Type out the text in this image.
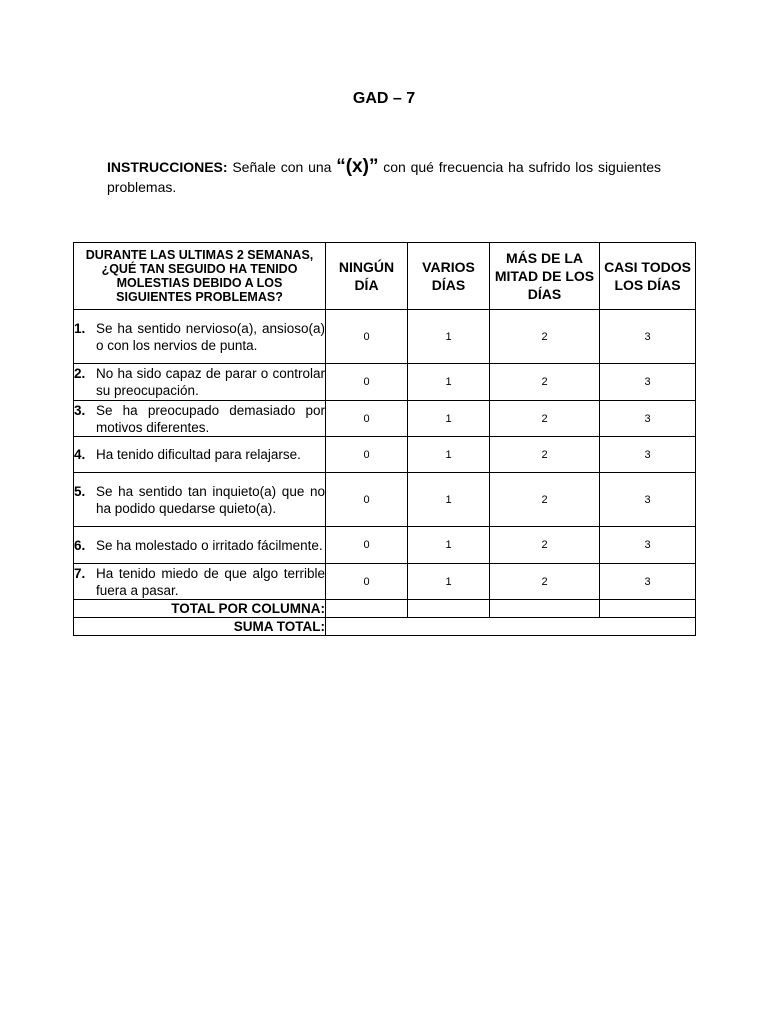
GAD – 7
INSTRUCCIONES: Señale con una “(x)” con qué frecuencia ha sufrido los siguientes problemas.
DURANTE LAS ULTIMAS 2 SEMANAS, ¿QUÉ TAN SEGUIDO HA TENIDO MOLESTIAS DEBIDO A LOS SIGUIENTES PROBLEMAS?	NINGÚN DÍA	VARIOS DÍAS	MÁS DE LA MITAD DE LOS DÍAS	CASI TODOS LOS DÍAS

1. Se ha sentido nervioso(a), ansioso(a) o con los nervios de punta.	0	1	2	3

2. No ha sido capaz de parar o controlar su preocupación.	0	1	2	3

3. Se ha preocupado demasiado por motivos diferentes.	0	1	2	3

4. Ha tenido dificultad para relajarse.	0	1	2	3

5. Se ha sentido tan inquieto(a) que no ha podido quedarse quieto(a).	0	1	2	3

6. Se ha molestado o irritado fácilmente.	0	1	2	3

7. Ha tenido miedo de que algo terrible fuera a pasar.	0	1	2	3
TOTAL POR COLUMNA:				
SUMA TOTAL:				
